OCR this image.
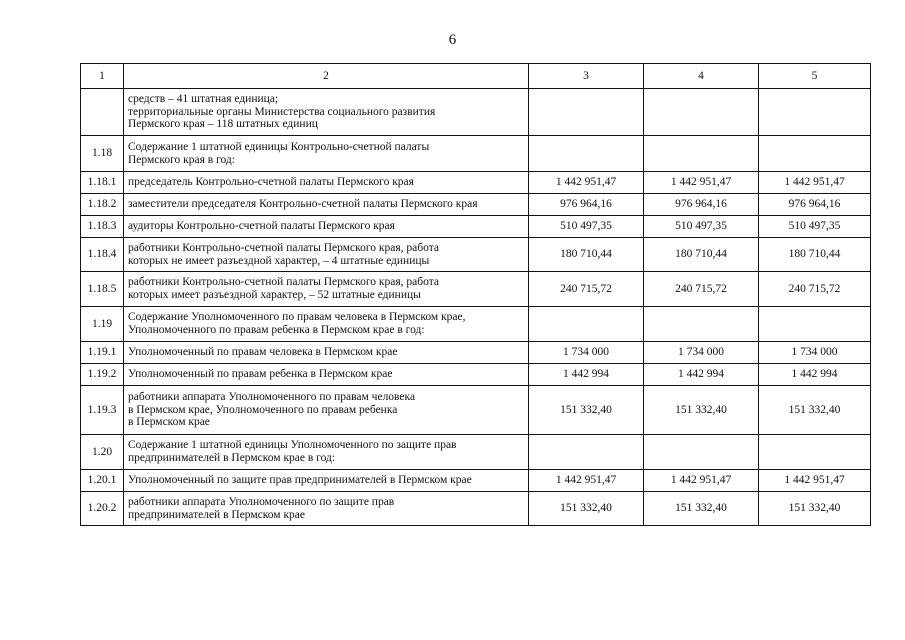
6
1	2	3	4	5
	средств – 41 штатная единица;
территориальные органы Министерства социального развития
Пермского края – 118 штатных единиц			
1.18	Содержание 1 штатной единицы Контрольно-счетной палаты
Пермского края в год:			
1.18.1	председатель Контрольно-счетной палаты Пермского края	1 442 951,47	1 442 951,47	1 442 951,47
1.18.2	заместители председателя Контрольно-счетной палаты Пермского края	976 964,16	976 964,16	976 964,16
1.18.3	аудиторы Контрольно-счетной палаты Пермского края	510 497,35	510 497,35	510 497,35
1.18.4	работники Контрольно-счетной палаты Пермского края, работа
которых не имеет разъездной характер, – 4 штатные единицы	180 710,44	180 710,44	180 710,44
1.18.5	работники Контрольно-счетной палаты Пермского края, работа
которых имеет разъездной характер, – 52 штатные единицы	240 715,72	240 715,72	240 715,72
1.19	Содержание Уполномоченного по правам человека в Пермском крае,
Уполномоченного по правам ребенка в Пермском крае в год:			
1.19.1	Уполномоченный по правам человека в Пермском крае	1 734 000	1 734 000	1 734 000
1.19.2	Уполномоченный по правам ребенка в Пермском крае	1 442 994	1 442 994	1 442 994
1.19.3	работники аппарата Уполномоченного по правам человека
в Пермском крае, Уполномоченного по правам ребенка
в Пермском крае	151 332,40	151 332,40	151 332,40
1.20	Содержание 1 штатной единицы Уполномоченного по защите прав
предпринимателей в Пермском крае в год:			
1.20.1	Уполномоченный по защите прав предпринимателей в Пермском крае	1 442 951,47	1 442 951,47	1 442 951,47
1.20.2	работники аппарата Уполномоченного по защите прав
предпринимателей в Пермском крае	151 332,40	151 332,40	151 332,40
